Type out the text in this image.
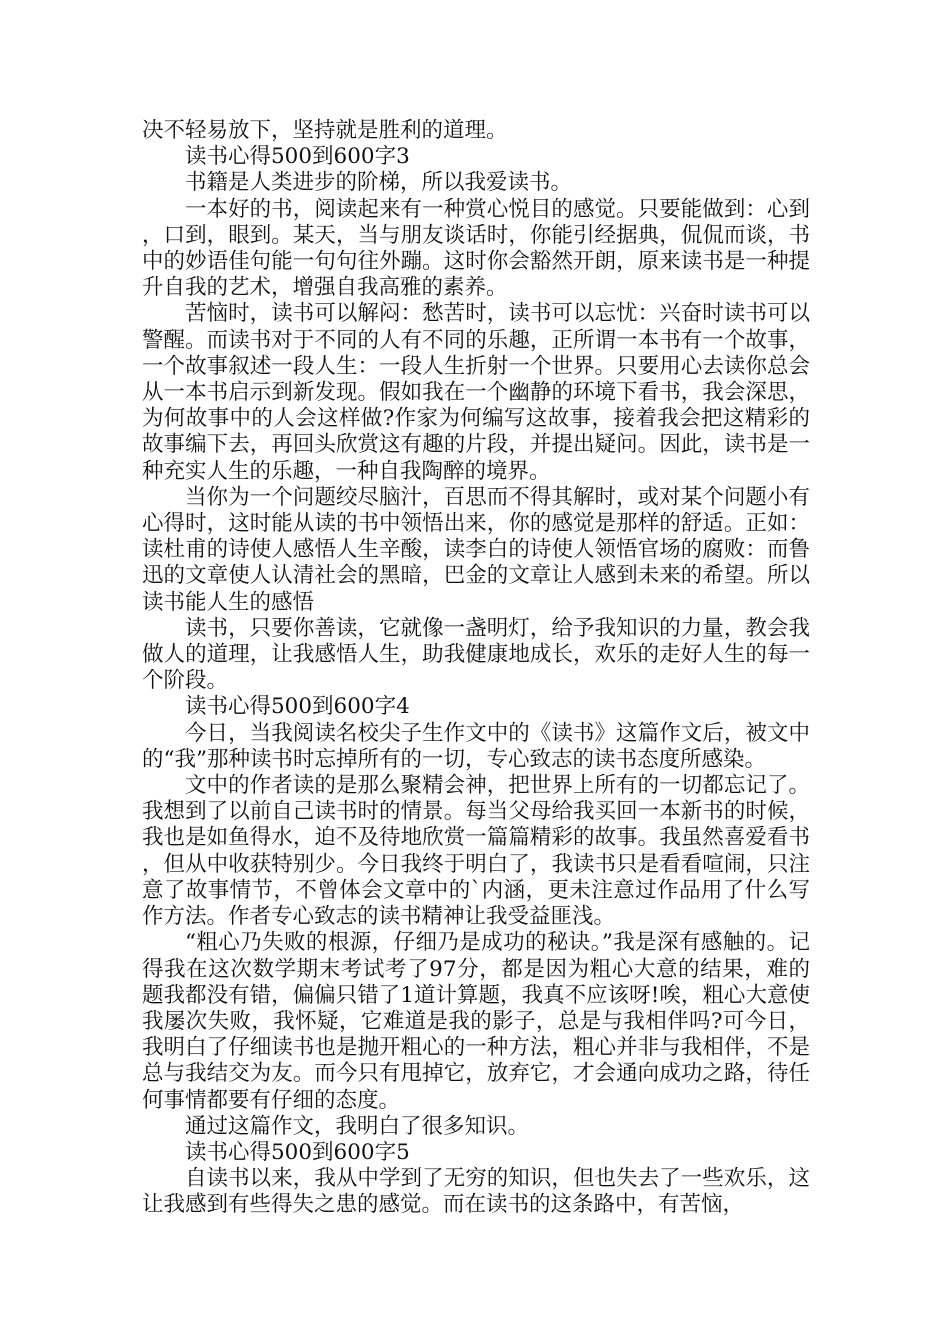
决不轻易放下，坚持就是胜利的道理。

读书心得500到600字3

书籍是人类进步的阶梯，所以我爱读书。

一本好的书，阅读起来有一种赏心悦目的感觉。只要能做到：心到，口到，眼到。某天，当与朋友谈话时，你能引经据典，侃侃而谈，书中的妙语佳句能一句句往外蹦。这时你会豁然开朗，原来读书是一种提升自我的艺术，增强自我高雅的素养。

苦恼时，读书可以解闷：愁苦时，读书可以忘忧：兴奋时读书可以警醒。而读书对于不同的人有不同的乐趣，正所谓一本书有一个故事，一个故事叙述一段人生：一段人生折射一个世界。只要用心去读你总会从一本书启示到新发现。假如我在一个幽静的环境下看书，我会深思，为何故事中的人会这样做?作家为何编写这故事，接着我会把这精彩的故事编下去，再回头欣赏这有趣的片段，并提出疑问。因此，读书是一种充实人生的乐趣，一种自我陶醉的境界。

当你为一个问题绞尽脑汁，百思而不得其解时，或对某个问题小有心得时，这时能从读的书中领悟出来，你的感觉是那样的舒适。正如：读杜甫的诗使人感悟人生辛酸，读李白的诗使人领悟官场的腐败：而鲁迅的文章使人认清社会的黑暗，巴金的文章让人感到未来的希望。所以读书能人生的感悟

读书，只要你善读，它就像一盏明灯，给予我知识的力量，教会我做人的道理，让我感悟人生，助我健康地成长，欢乐的走好人生的每一个阶段。

读书心得500到600字4

今日，当我阅读名校尖子生作文中的《读书》这篇作文后，被文中的“我”那种读书时忘掉所有的一切，专心致志的读书态度所感染。

文中的作者读的是那么聚精会神，把世界上所有的一切都忘记了。我想到了以前自己读书时的情景。每当父母给我买回一本新书的时候，我也是如鱼得水，迫不及待地欣赏一篇篇精彩的故事。我虽然喜爱看书，但从中收获特别少。今日我终于明白了，我读书只是看看喧闹，只注意了故事情节，不曾体会文章中的`内涵，更未注意过作品用了什么写作方法。作者专心致志的读书精神让我受益匪浅。

“粗心乃失败的根源，仔细乃是成功的秘诀。”我是深有感触的。记得我在这次数学期末考试考了97分，都是因为粗心大意的结果，难的题我都没有错，偏偏只错了1道计算题，我真不应该呀!唉，粗心大意使我屡次失败，我怀疑，它难道是我的影子，总是与我相伴吗?可今日，我明白了仔细读书也是抛开粗心的一种方法，粗心并非与我相伴，不是总与我结交为友。而今只有甩掉它，放弃它，才会通向成功之路，待任何事情都要有仔细的态度。

通过这篇作文，我明白了很多知识。

读书心得500到600字5

自读书以来，我从中学到了无穷的知识，但也失去了一些欢乐，这让我感到有些得失之患的感觉。而在读书的这条路中，有苦恼，
